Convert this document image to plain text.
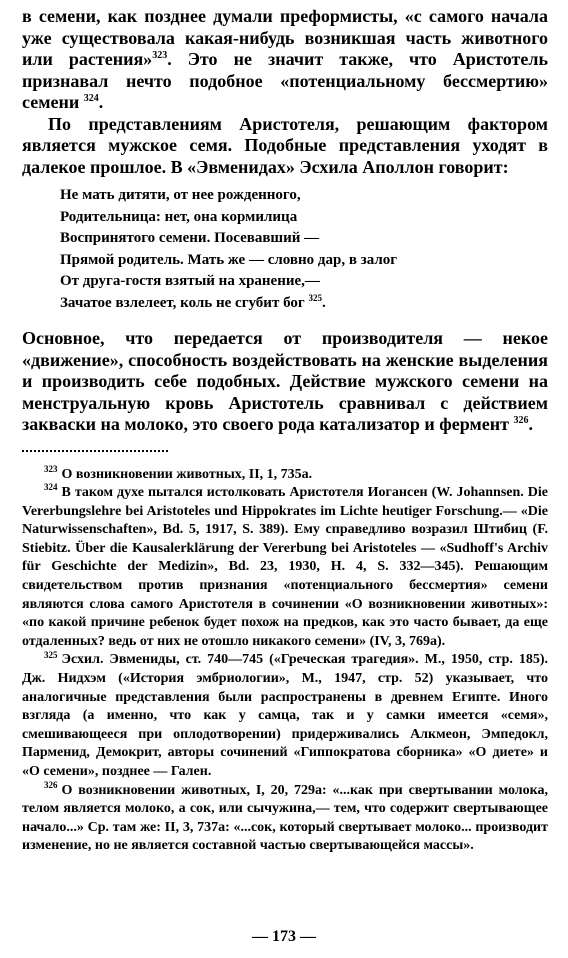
в семени, как позднее думали преформисты, «с самого начала уже существовала какая-нибудь возникшая часть животного или растения»$^{323}$. Это не значит также, что Аристотель признавал нечто подобное «потенциальному бессмертию» семени $^{324}$.

По представлениям Аристотеля, решающим фактором является мужское семя. Подобные представления уходят в далекое прошлое. В «Эвменидах» Эсхила Аполлон говорит:

Не мать дитяти, от нее рожденного,
Родительница: нет, она кормилица
Воспринятого семени. Посевавший —
Прямой родитель. Мать же — словно дар, в залог
От друга-гостя взятый на хранение,—
Зачатое взлелеет, коль не сгубит бог $^{325}$.

Основное, что передается от производителя — некое «движение», способность воздействовать на женские выделения и производить себе подобных. Действие мужского семени на менструальную кровь Аристотель сравнивал с действием закваски на молоко, это своего рода катализатор и фермент $^{326}$.

$^{323}$ О возникновении животных, II, 1, 735а.

$^{324}$ В таком духе пытался истолковать Аристотеля Иогансен (W. Johannsen. Die Vererbungslehre bei Aristoteles und Hippokrates im Lichte heutiger Forschung.— «Die Naturwissenschaften», Bd. 5, 1917, S. 389). Ему справедливо возразил Штибиц (F. Stiebitz. Über die Kausalerklärung der Vererbung bei Aristoteles — «Sudhoff's Archiv für Geschichte der Medizin», Bd. 23, 1930, H. 4, S. 332—345). Решающим свидетельством против признания «потенциального бессмертия» семени являются слова самого Аристотеля в сочинении «О возникновении животных»: «по какой причине ребенок будет похож на предков, как это часто бывает, да еще отдаленных? ведь от них не отошло никакого семени» (IV, 3, 769а).

$^{325}$ Эсхил. Эвмениды, ст. 740—745 («Греческая трагедия». М., 1950, стр. 185). Дж. Нидхэм («История эмбриологии», М., 1947, стр. 52) указывает, что аналогичные представления были распространены в древнем Египте. Иного взгляда (а именно, что как у самца, так и у самки имеется «семя», смешивающееся при оплодотворении) придерживались Алкмеон, Эмпедокл, Парменид, Демокрит, авторы сочинений «Гиппократова сборника» «О диете» и «О семени», позднее — Гален.

$^{326}$ О возникновении животных, I, 20, 729а: «...как при свертывании молока, телом является молоко, а сок, или сычужина,— тем, что содержит свертывающее начало...» Ср. там же: II, 3, 737а: «...сок, который свертывает молоко... производит изменение, но не является составной частью свертывающейся массы».

— 173 —
